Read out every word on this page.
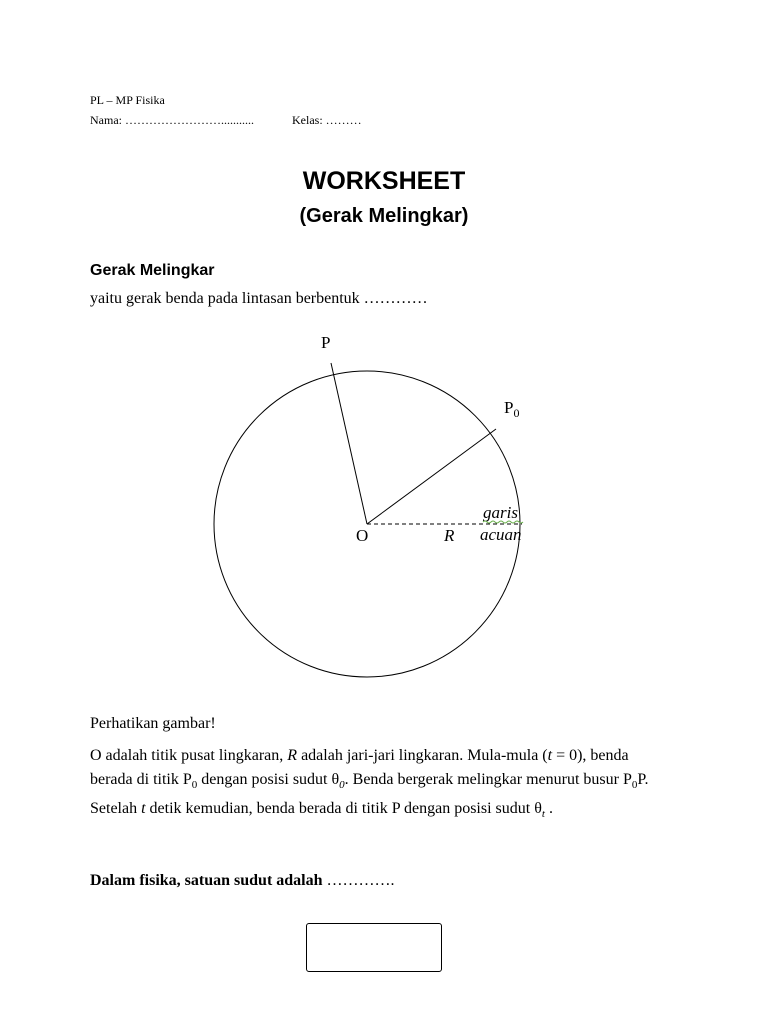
PL – MP Fisika
Nama: ……………………...........	Kelas: ………
WORKSHEET
(Gerak Melingkar)
Gerak Melingkar
yaitu gerak benda pada lintasan berbentuk …………
P
$P_0$
O	R
garis
acuan
Perhatikan gambar!
O adalah titik pusat lingkaran, R adalah jari-jari lingkaran. Mula-mula (t = 0), benda berada di titik $P_0$ dengan posisi sudut $\theta_0$. Benda bergerak melingkar menurut busur $P_0P$.  Setelah t detik kemudian, benda berada di titik P dengan posisi sudut $\theta_t$ .
Dalam fisika, satuan sudut adalah ………….
